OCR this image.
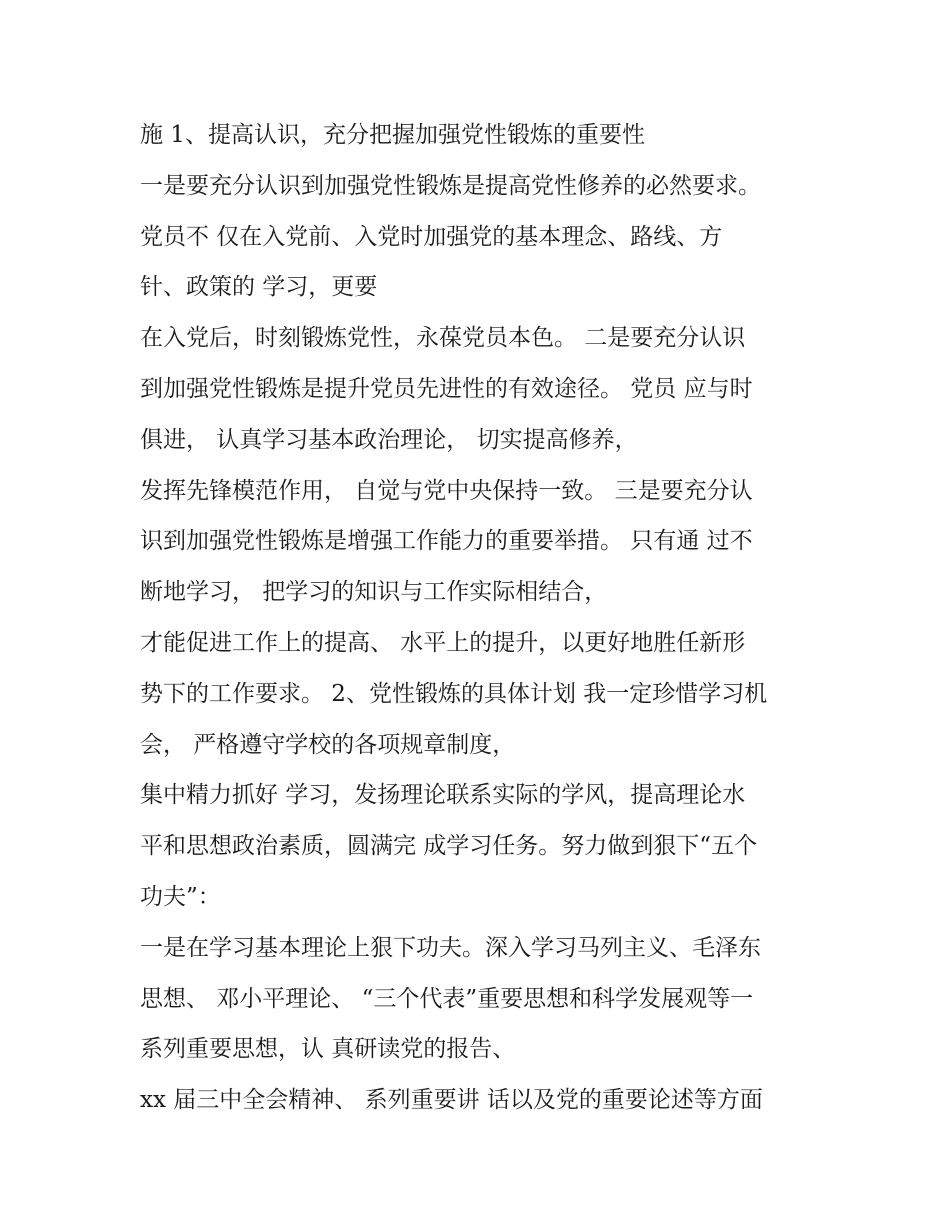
施 1、提高认识，充分把握加强党性锻炼的重要性

一是要充分认识到加强党性锻炼是提高党性修养的必然要求。

党员不 仅在入党前、入党时加强党的基本理念、路线、方

针、政策的 学习，更要

在入党后，时刻锻炼党性，永葆党员本色。 二是要充分认识

到加强党性锻炼是提升党员先进性的有效途径。 党员 应与时

俱进， 认真学习基本政治理论， 切实提高修养，

发挥先锋模范作用， 自觉与党中央保持一致。 三是要充分认

识到加强党性锻炼是增强工作能力的重要举措。 只有通 过不

断地学习， 把学习的知识与工作实际相结合，

才能促进工作上的提高、 水平上的提升，以更好地胜任新形

势下的工作要求。 2、党性锻炼的具体计划 我一定珍惜学习机

会， 严格遵守学校的各项规章制度，

集中精力抓好 学习，发扬理论联系实际的学风，提高理论水

平和思想政治素质，圆满完 成学习任务。努力做到狠下“五个

功夫”：

一是在学习基本理论上狠下功夫。深入学习马列主义、毛泽东

思想、 邓小平理论、 “三个代表”重要思想和科学发展观等一

系列重要思想，认 真研读党的报告、

xx 届三中全会精神、 系列重要讲 话以及党的重要论述等方面
